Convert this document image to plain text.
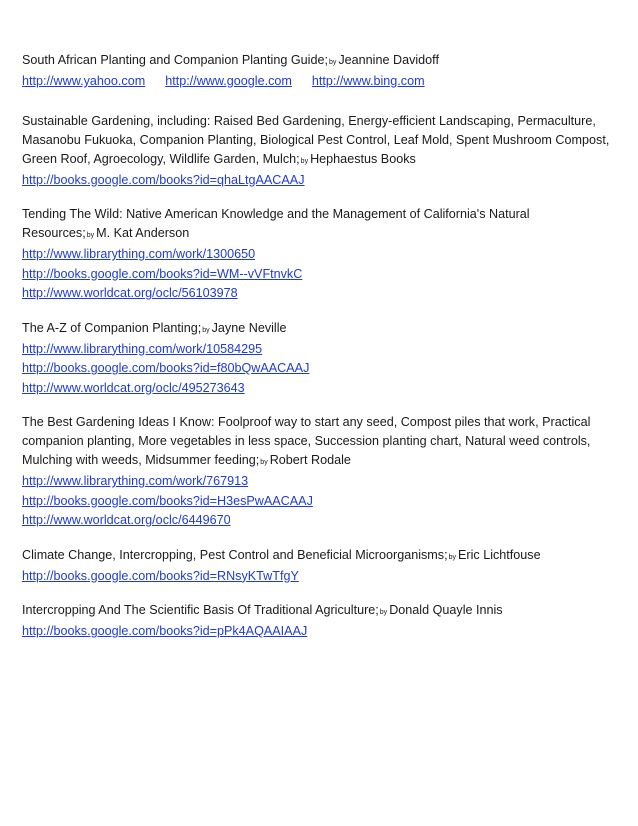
South African Planting and Companion Planting Guide;by Jeannine Davidoff
http://www.yahoo.com http://www.google.com http://www.bing.com
Sustainable Gardening, including: Raised Bed Gardening, Energy-efficient Landscaping, Permaculture, Masanobu Fukuoka, Companion Planting, Biological Pest Control, Leaf Mold, Spent Mushroom Compost, Green Roof, Agroecology, Wildlife Garden, Mulch;by Hephaestus Books
http://books.google.com/books?id=qhaLtgAACAAJ
Tending The Wild: Native American Knowledge and the Management of California's Natural Resources;by M. Kat Anderson
http://www.librarything.com/work/1300650
http://books.google.com/books?id=WM--vVFtnvkC
http://www.worldcat.org/oclc/56103978
The A-Z of Companion Planting;by Jayne Neville
http://www.librarything.com/work/10584295
http://books.google.com/books?id=f80bQwAACAAJ
http://www.worldcat.org/oclc/495273643
The Best Gardening Ideas I Know: Foolproof way to start any seed, Compost piles that work, Practical companion planting, More vegetables in less space, Succession planting chart, Natural weed controls, Mulching with weeds, Midsummer feeding;by Robert Rodale
http://www.librarything.com/work/767913
http://books.google.com/books?id=H3esPwAACAAJ
http://www.worldcat.org/oclc/6449670
Climate Change, Intercropping, Pest Control and Beneficial Microorganisms;by Eric Lichtfouse
http://books.google.com/books?id=RNsyKTwTfgY
Intercropping And The Scientific Basis Of Traditional Agriculture;by Donald Quayle Innis
http://books.google.com/books?id=pPk4AQAAIAAJ
